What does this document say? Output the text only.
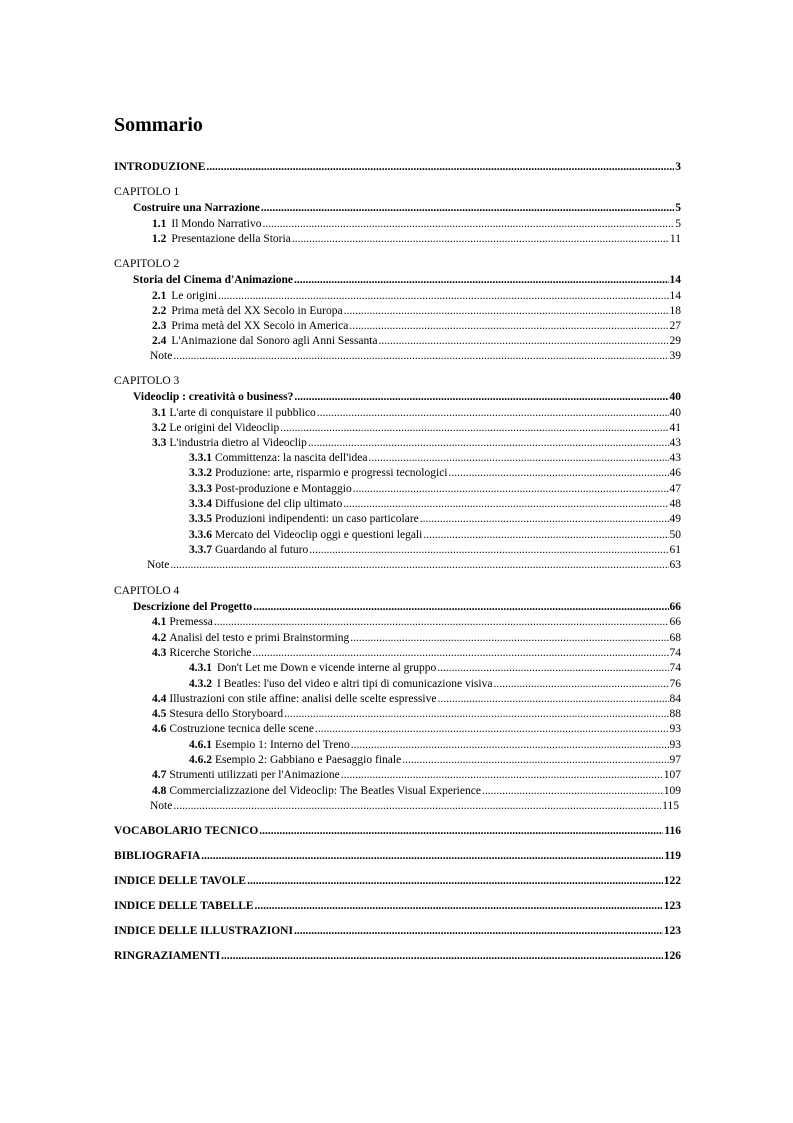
Sommario
INTRODUZIONE .....	3
CAPITOLO 1
Costruire una Narrazione .....	5
1.1 Il Mondo Narrativo .....	5
1.2 Presentazione della Storia .....	11
CAPITOLO 2
Storia del Cinema d'Animazione .....	14
2.1 Le origini .....	14
2.2 Prima metà del XX Secolo in Europa .....	18
2.3 Prima metà del XX Secolo in America .....	27
2.4 L'Animazione dal Sonoro agli Anni Sessanta .....	29
Note .....	39
CAPITOLO 3
Videoclip : creatività o business? .....	40
3.1 L'arte di conquistare il pubblico .....	40
3.2 Le origini del Videoclip .....	41
3.3 L'industria dietro al Videoclip .....	43
3.3.1 Committenza: la nascita dell'idea .....	43
3.3.2 Produzione: arte, risparmio e progressi tecnologici .....	46
3.3.3 Post-produzione e Montaggio .....	47
3.3.4 Diffusione del clip ultimato .....	48
3.3.5 Produzioni indipendenti: un caso particolare .....	49
3.3.6 Mercato del Videoclip oggi e questioni legali .....	50
3.3.7 Guardando al futuro .....	61
Note .....	63
CAPITOLO 4
Descrizione del Progetto .....	66
4.1 Premessa .....	66
4.2 Analisi del testo e primi Brainstorming .....	68
4.3 Ricerche Storiche .....	74
4.3.1 Don't Let me Down e vicende interne al gruppo .....	74
4.3.2 I Beatles: l'uso del video e altri tipi di comunicazione visiva .....	76
4.4 Illustrazioni con stile affine: analisi delle scelte espressive .....	84
4.5 Stesura dello Storyboard .....	88
4.6 Costruzione tecnica delle scene .....	93
4.6.1 Esempio 1: Interno del Treno .....	93
4.6.2 Esempio 2: Gabbiano e Paesaggio finale .....	97
4.7 Strumenti utilizzati per l'Animazione .....	107
4.8 Commercializzazione del Videoclip: The Beatles Visual Experience .....	109
Note .....	115
VOCABOLARIO TECNICO .....	116
BIBLIOGRAFIA .....	119
INDICE DELLE TAVOLE .....	122
INDICE DELLE TABELLE .....	123
INDICE DELLE ILLUSTRAZIONI .....	123
RINGRAZIAMENTI .....	126
